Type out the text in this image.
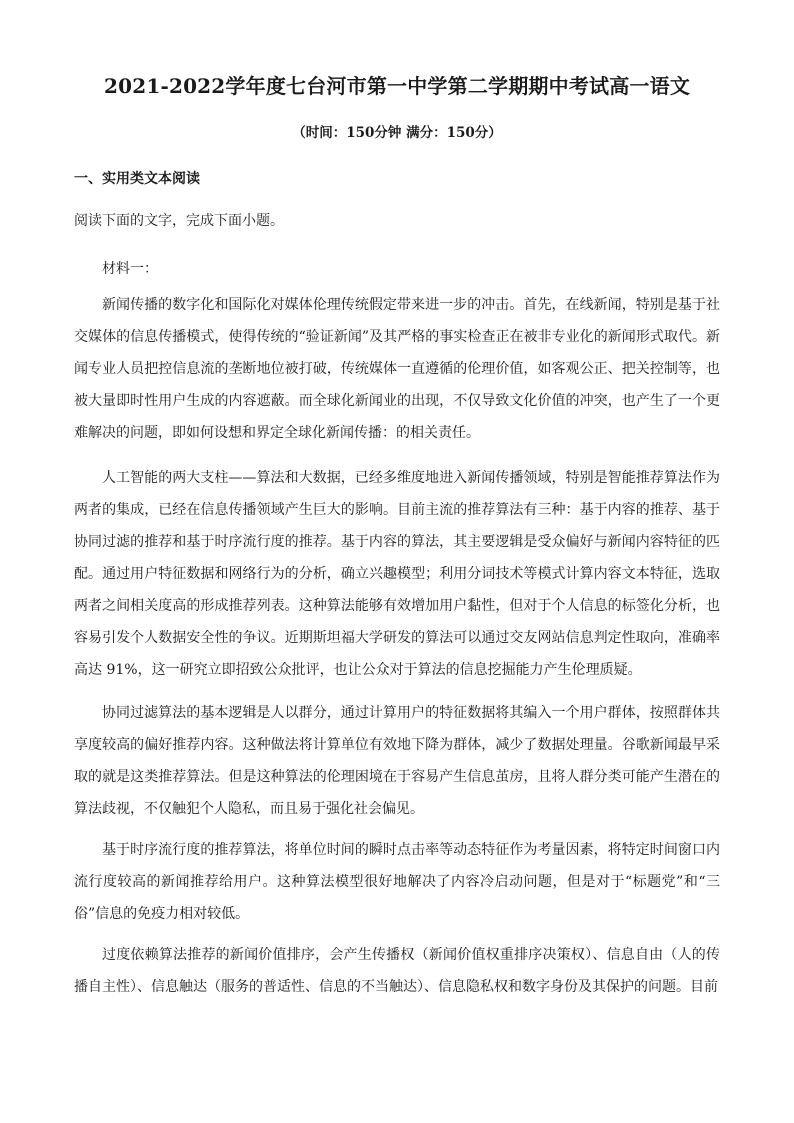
2021-2022学年度七台河市第一中学第二学期期中考试高一语文
（时间：150分钟 满分：150分）
一、实用类文本阅读
阅读下面的文字，完成下面小题。
材料一：

新闻传播的数字化和国际化对媒体伦理传统假定带来进一步的冲击。首先，在线新闻，特别是基于社交媒体的信息传播模式，使得传统的“验证新闻”及其严格的事实检查正在被非专业化的新闻形式取代。新闻专业人员把控信息流的垄断地位被打破，传统媒体一直遵循的伦理价值，如客观公正、把关控制等，也被大量即时性用户生成的内容遮蔽。而全球化新闻业的出现，不仅导致文化价值的冲突，也产生了一个更难解决的问题，即如何设想和界定全球化新闻传播：的相关责任。

人工智能的两大支柱——算法和大数据，已经多维度地进入新闻传播领域，特别是智能推荐算法作为两者的集成，已经在信息传播领域产生巨大的影响。目前主流的推荐算法有三种：基于内容的推荐、基于协同过滤的推荐和基于时序流行度的推荐。基于内容的算法，其主要逻辑是受众偏好与新闻内容特征的匹配。通过用户特征数据和网络行为的分析，确立兴趣模型；利用分词技术等模式计算内容文本特征，选取两者之间相关度高的形成推荐列表。这种算法能够有效增加用户黏性，但对于个人信息的标签化分析，也容易引发个人数据安全性的争议。近期斯坦福大学研发的算法可以通过交友网站信息判定性取向，准确率高达 91%，这一研究立即招致公众批评，也让公众对于算法的信息挖掘能力产生伦理质疑。

协同过滤算法的基本逻辑是人以群分，通过计算用户的特征数据将其编入一个用户群体，按照群体共享度较高的偏好推荐内容。这种做法将计算单位有效地下降为群体，减少了数据处理量。谷歌新闻最早采取的就是这类推荐算法。但是这种算法的伦理困境在于容易产生信息茧房，且将人群分类可能产生潜在的算法歧视，不仅触犯个人隐私，而且易于强化社会偏见。

基于时序流行度的推荐算法，将单位时间的瞬时点击率等动态特征作为考量因素，将特定时间窗口内流行度较高的新闻推荐给用户。这种算法模型很好地解决了内容冷启动问题，但是对于“标题党”和“三俗”信息的免疫力相对较低。

过度依赖算法推荐的新闻价值排序，会产生传播权（新闻价值权重排序决策权）、信息自由（人的传播自主性）、信息触达（服务的普适性、信息的不当触达）、信息隐私权和数字身份及其保护的问题。目前
